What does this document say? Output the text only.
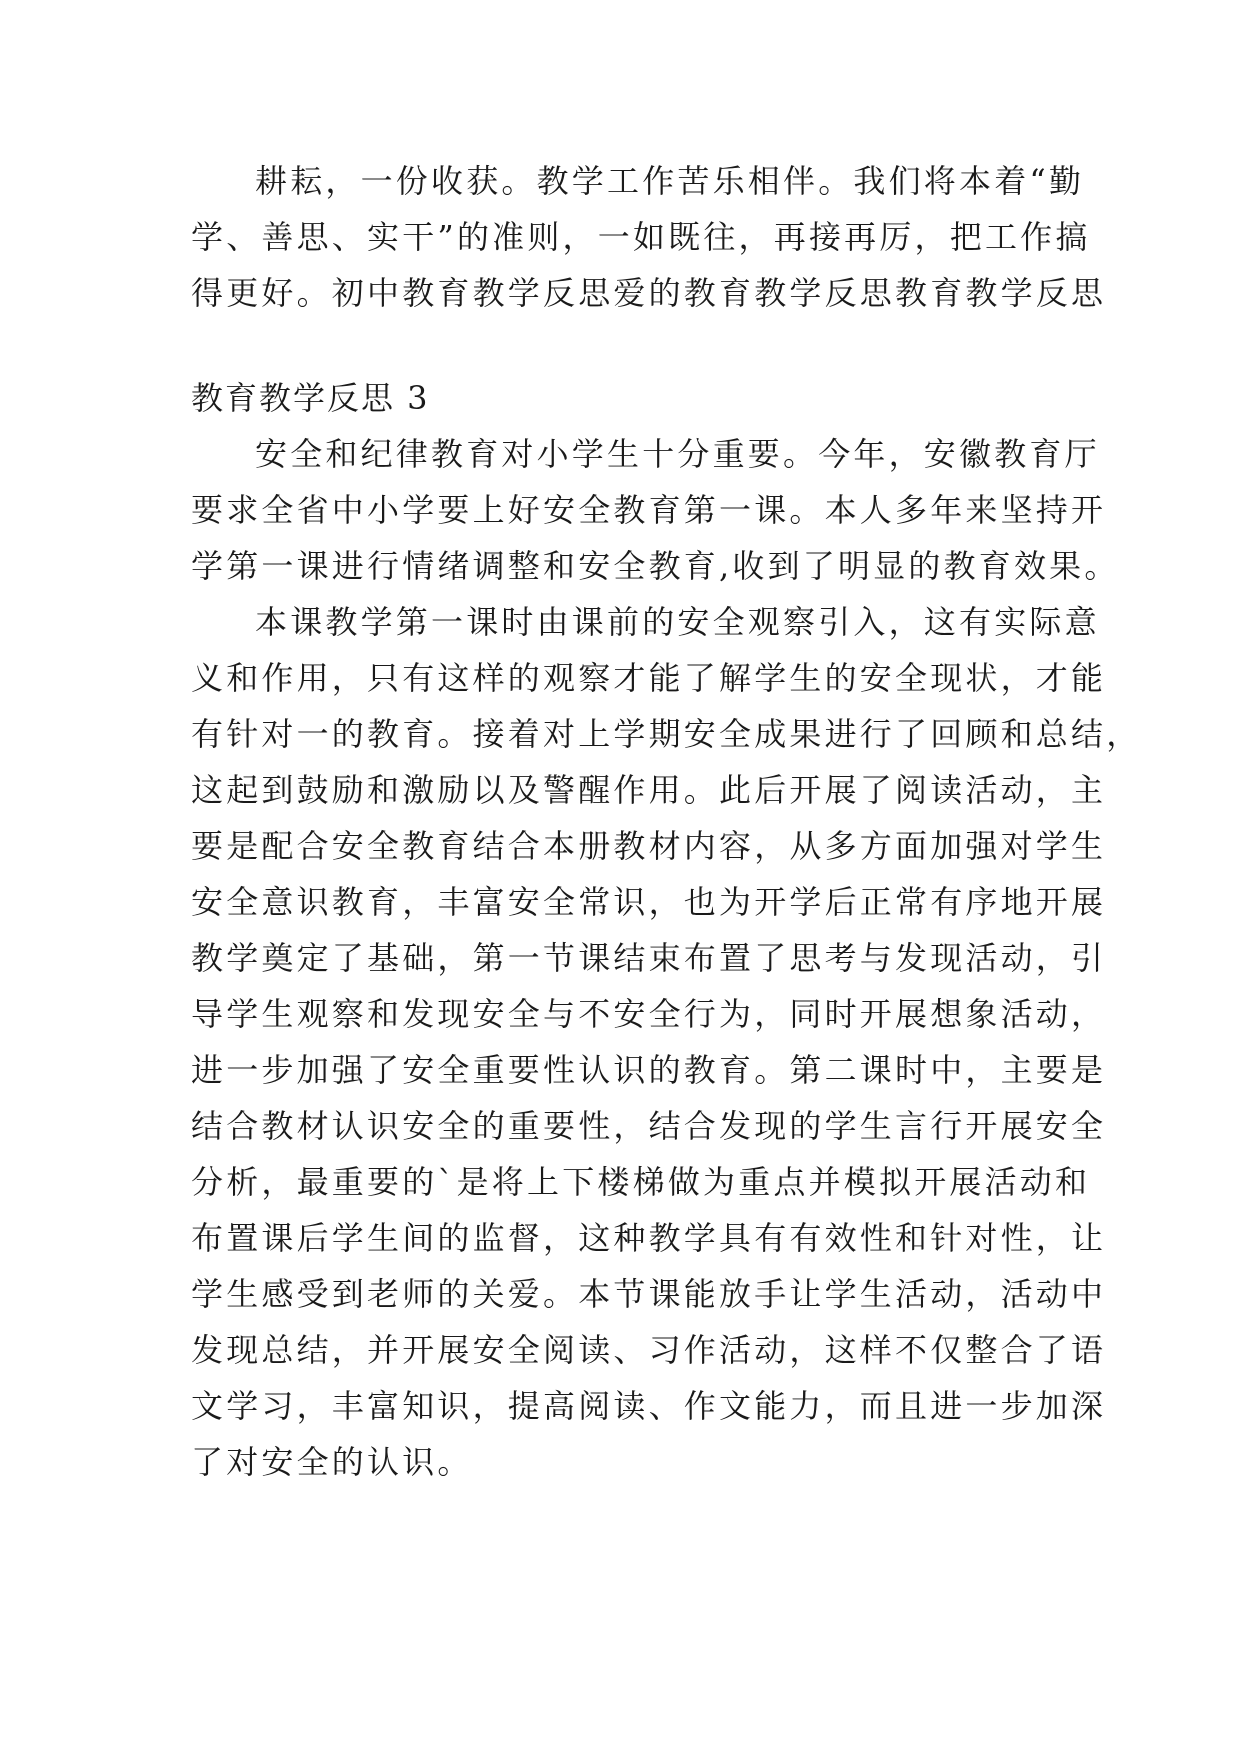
耕耘，一份收获。教学工作苦乐相伴。我们将本着“勤
学、善思、实干”的准则，一如既往，再接再厉，把工作搞
得更好。初中教育教学反思爱的教育教学反思教育教学反思
教育教学反思 3
安全和纪律教育对小学生十分重要。今年，安徽教育厅
要求全省中小学要上好安全教育第一课。本人多年来坚持开
学第一课进行情绪调整和安全教育,收到了明显的教育效果。
本课教学第一课时由课前的安全观察引入，这有实际意
义和作用，只有这样的观察才能了解学生的安全现状，才能
有针对一的教育。接着对上学期安全成果进行了回顾和总结，
这起到鼓励和激励以及警醒作用。此后开展了阅读活动，主
要是配合安全教育结合本册教材内容，从多方面加强对学生
安全意识教育，丰富安全常识，也为开学后正常有序地开展
教学奠定了基础，第一节课结束布置了思考与发现活动，引
导学生观察和发现安全与不安全行为，同时开展想象活动，
进一步加强了安全重要性认识的教育。第二课时中，主要是
结合教材认识安全的重要性，结合发现的学生言行开展安全
分析，最重要的`是将上下楼梯做为重点并模拟开展活动和
布置课后学生间的监督，这种教学具有有效性和针对性，让
学生感受到老师的关爱。本节课能放手让学生活动，活动中
发现总结，并开展安全阅读、习作活动，这样不仅整合了语
文学习，丰富知识，提高阅读、作文能力，而且进一步加深
了对安全的认识。
